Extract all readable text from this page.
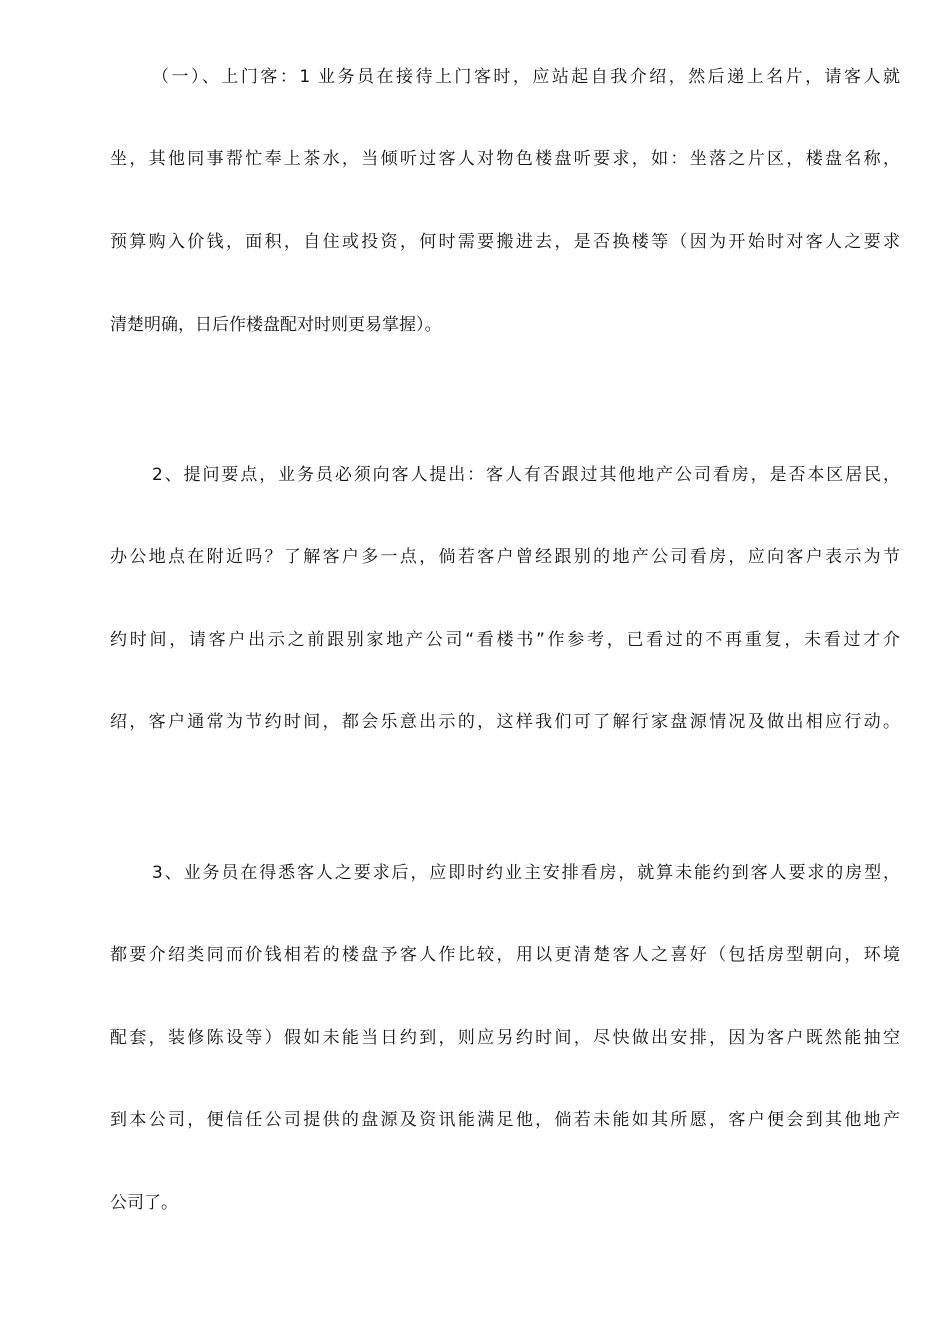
（一）、上门客：1 业务员在接待上门客时，应站起自我介绍，然后递上名片，请客人就
坐，其他同事帮忙奉上茶水，当倾听过客人对物色楼盘听要求，如：坐落之片区，楼盘名称，
预算购入价钱，面积，自住或投资，何时需要搬进去，是否换楼等（因为开始时对客人之要求
清楚明确，日后作楼盘配对时则更易掌握）。
2、提问要点，业务员必须向客人提出：客人有否跟过其他地产公司看房，是否本区居民，
办公地点在附近吗？了解客户多一点，倘若客户曾经跟别的地产公司看房，应向客户表示为节
约时间，请客户出示之前跟别家地产公司“看楼书”作参考，已看过的不再重复，未看过才介
绍，客户通常为节约时间，都会乐意出示的，这样我们可了解行家盘源情况及做出相应行动。
3、业务员在得悉客人之要求后，应即时约业主安排看房，就算未能约到客人要求的房型，
都要介绍类同而价钱相若的楼盘予客人作比较，用以更清楚客人之喜好（包括房型朝向，环境
配套，装修陈设等）假如未能当日约到，则应另约时间，尽快做出安排，因为客户既然能抽空
到本公司，便信任公司提供的盘源及资讯能满足他，倘若未能如其所愿，客户便会到其他地产
公司了。
